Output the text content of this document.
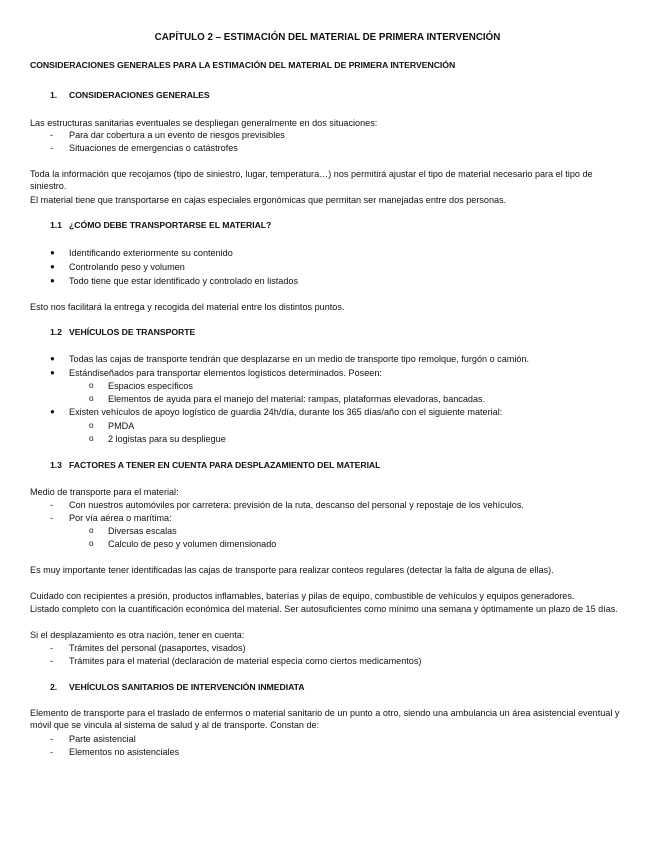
CAPÍTULO 2 – ESTIMACIÓN DEL MATERIAL DE PRIMERA INTERVENCIÓN
CONSIDERACIONES GENERALES PARA LA ESTIMACIÓN DEL MATERIAL DE PRIMERA INTERVENCIÓN
1. CONSIDERACIONES GENERALES
Las estructuras sanitarias eventuales se despliegan generalmente en dos situaciones:
- Para dar cobertura a un evento de riesgos previsibles
- Situaciones de emergencias o catástrofes
Toda la información que recojamos (tipo de siniestro, lugar, temperatura…) nos permitirá ajustar el tipo de material necesario para el tipo de siniestro.
El material tiene que transportarse en cajas especiales ergonómicas que permitan ser manejadas entre dos personas.
1.1 ¿CÓMO DEBE TRANSPORTARSE EL MATERIAL?
● Identificando exteriormente su contenido
● Controlando peso y volumen
● Todo tiene que estar identificado y controlado en listados
Esto nos facilitará la entrega y recogida del material entre los distintos puntos.
1.2 VEHÍCULOS DE TRANSPORTE
● Todas las cajas de transporte tendrán que desplazarse en un medio de transporte tipo remolque, furgón o camión.
● Estándiseñados para transportar elementos logísticos determinados. Poseen:
o Espacios específicos
o Elementos de ayuda para el manejo del material: rampas, plataformas elevadoras, bancadas.
● Existen vehículos de apoyo logístico de guardia 24h/día, durante los 365 días/año con el siguiente material:
o PMDA
o 2 logistas para su despliegue
1.3 FACTORES A TENER EN CUENTA PARA DESPLAZAMIENTO DEL MATERIAL
Medio de transporte para el material:
- Con nuestros automóviles por carretera: previsión de la ruta, descanso del personal y repostaje de los vehículos.
- Por vía aérea o marítima:
o Diversas escalas
o Calculo de peso y volumen dimensionado
Es muy importante tener identificadas las cajas de transporte para realizar conteos regulares (detectar la falta de alguna de ellas).
Cuidado con recipientes a presión, productos inflamables, baterías y pilas de equipo, combustible de vehículos y equipos generadores.
Listado completo con la cuantificación económica del material. Ser autosuficientes como mínimo una semana y óptimamente un plazo de 15 días.
Si el desplazamiento es otra nación, tener en cuenta:
- Trámites del personal (pasaportes, visados)
- Trámites para el material (declaración de material especia como ciertos medicamentos)
2. VEHÍCULOS SANITARIOS DE INTERVENCIÓN INMEDIATA
Elemento de transporte para el traslado de enfermos o material sanitario de un punto a otro, siendo una ambulancia un área asistencial eventual y móvil que se vincula al sistema de salud y al de transporte. Constan de:
- Parte asistencial
- Elementos no asistenciales
